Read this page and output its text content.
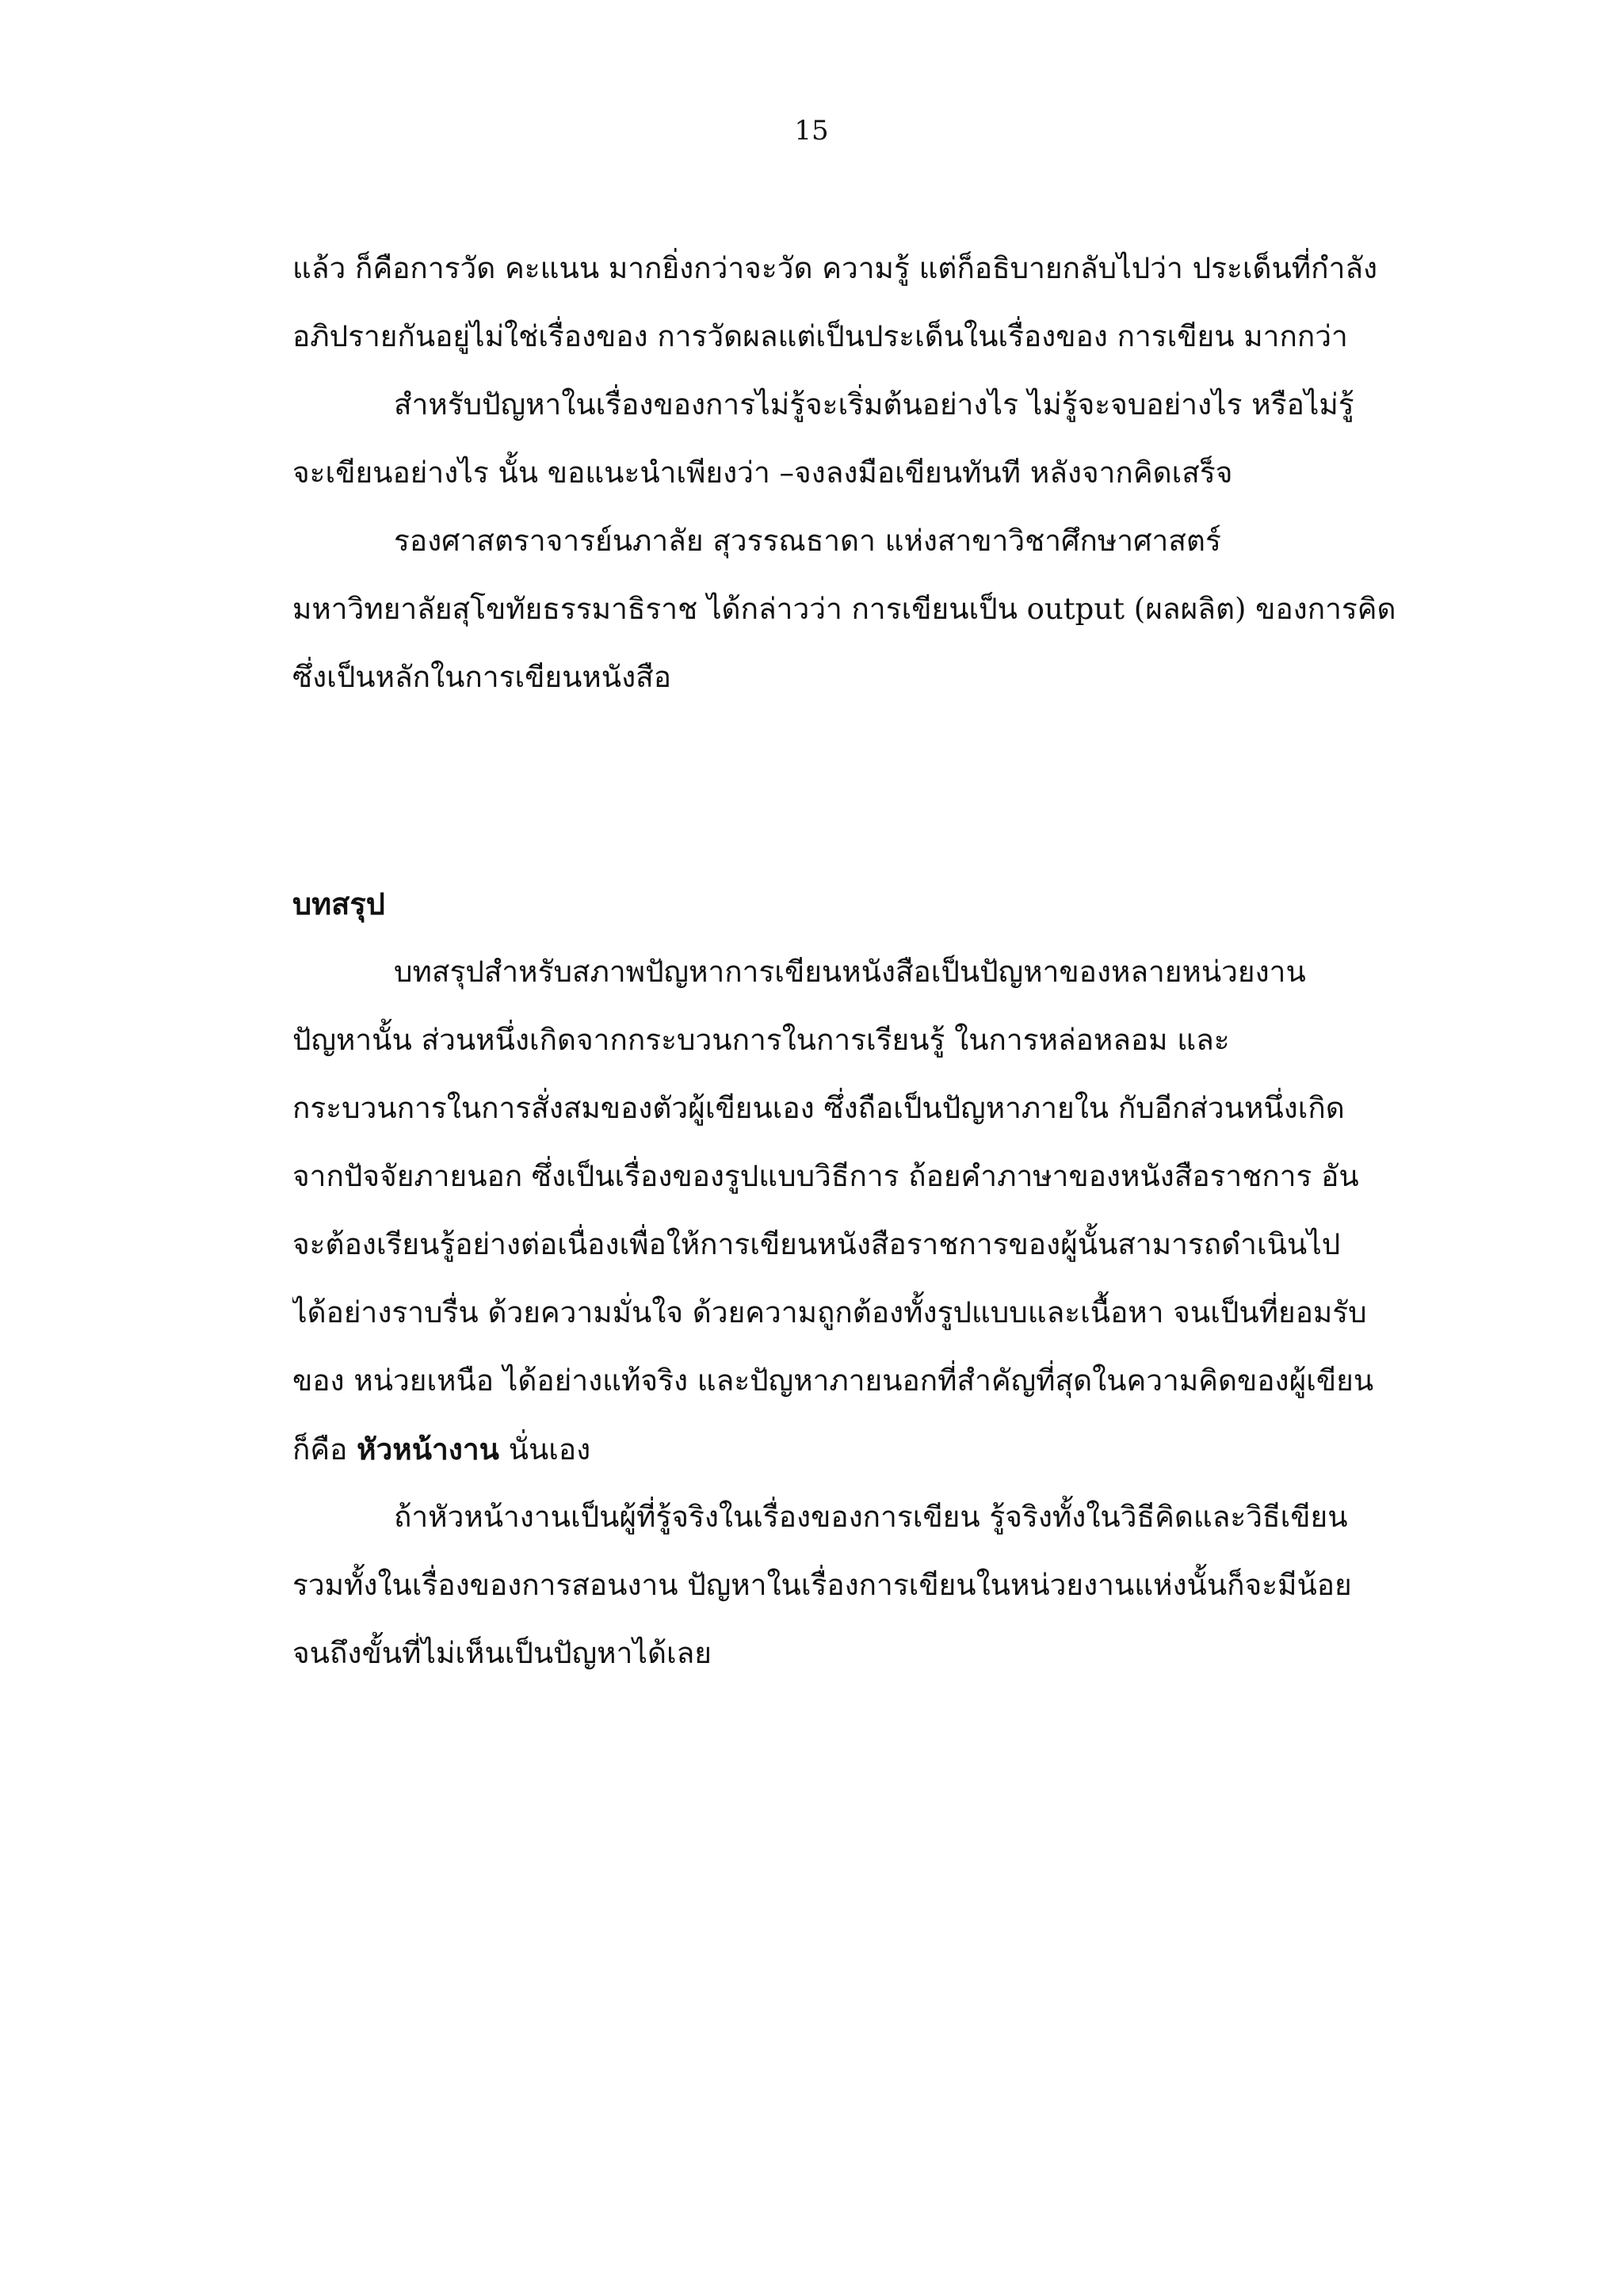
15
แล้ว ก็คือการวัด คะแนน มากยิ่งกว่าจะวัด ความรู้ แต่ก็อธิบายกลับไปว่า ประเด็นที่กำลัง
อภิปรายกันอยู่ไม่ใช่เรื่องของ การวัดผลแต่เป็นประเด็นในเรื่องของ การเขียน มากกว่า
สำหรับปัญหาในเรื่องของการไม่รู้จะเริ่มต้นอย่างไร ไม่รู้จะจบอย่างไร หรือไม่รู้
จะเขียนอย่างไร นั้น ขอแนะนำเพียงว่า –จงลงมือเขียนทันที หลังจากคิดเสร็จ
รองศาสตราจารย์นภาลัย สุวรรณธาดา แห่งสาขาวิชาศึกษาศาสตร์
มหาวิทยาลัยสุโขทัยธรรมาธิราช ได้กล่าวว่า การเขียนเป็น output (ผลผลิต) ของการคิด
ซึ่งเป็นหลักในการเขียนหนังสือ
บทสรุป
บทสรุปสำหรับสภาพปัญหาการเขียนหนังสือเป็นปัญหาของหลายหน่วยงาน
ปัญหานั้น ส่วนหนึ่งเกิดจากกระบวนการในการเรียนรู้ ในการหล่อหลอม และ
กระบวนการในการสั่งสมของตัวผู้เขียนเอง ซึ่งถือเป็นปัญหาภายใน กับอีกส่วนหนึ่งเกิด
จากปัจจัยภายนอก ซึ่งเป็นเรื่องของรูปแบบวิธีการ ถ้อยคำภาษาของหนังสือราชการ อัน
จะต้องเรียนรู้อย่างต่อเนื่องเพื่อให้การเขียนหนังสือราชการของผู้นั้นสามารถดำเนินไป
ได้อย่างราบรื่น ด้วยความมั่นใจ ด้วยความถูกต้องทั้งรูปแบบและเนื้อหา จนเป็นที่ยอมรับ
ของ หน่วยเหนือ ได้อย่างแท้จริง และปัญหาภายนอกที่สำคัญที่สุดในความคิดของผู้เขียน
ก็คือ หัวหน้างาน นั่นเอง
ถ้าหัวหน้างานเป็นผู้ที่รู้จริงในเรื่องของการเขียน รู้จริงทั้งในวิธีคิดและวิธีเขียน
รวมทั้งในเรื่องของการสอนงาน ปัญหาในเรื่องการเขียนในหน่วยงานแห่งนั้นก็จะมีน้อย
จนถึงขั้นที่ไม่เห็นเป็นปัญหาได้เลย
